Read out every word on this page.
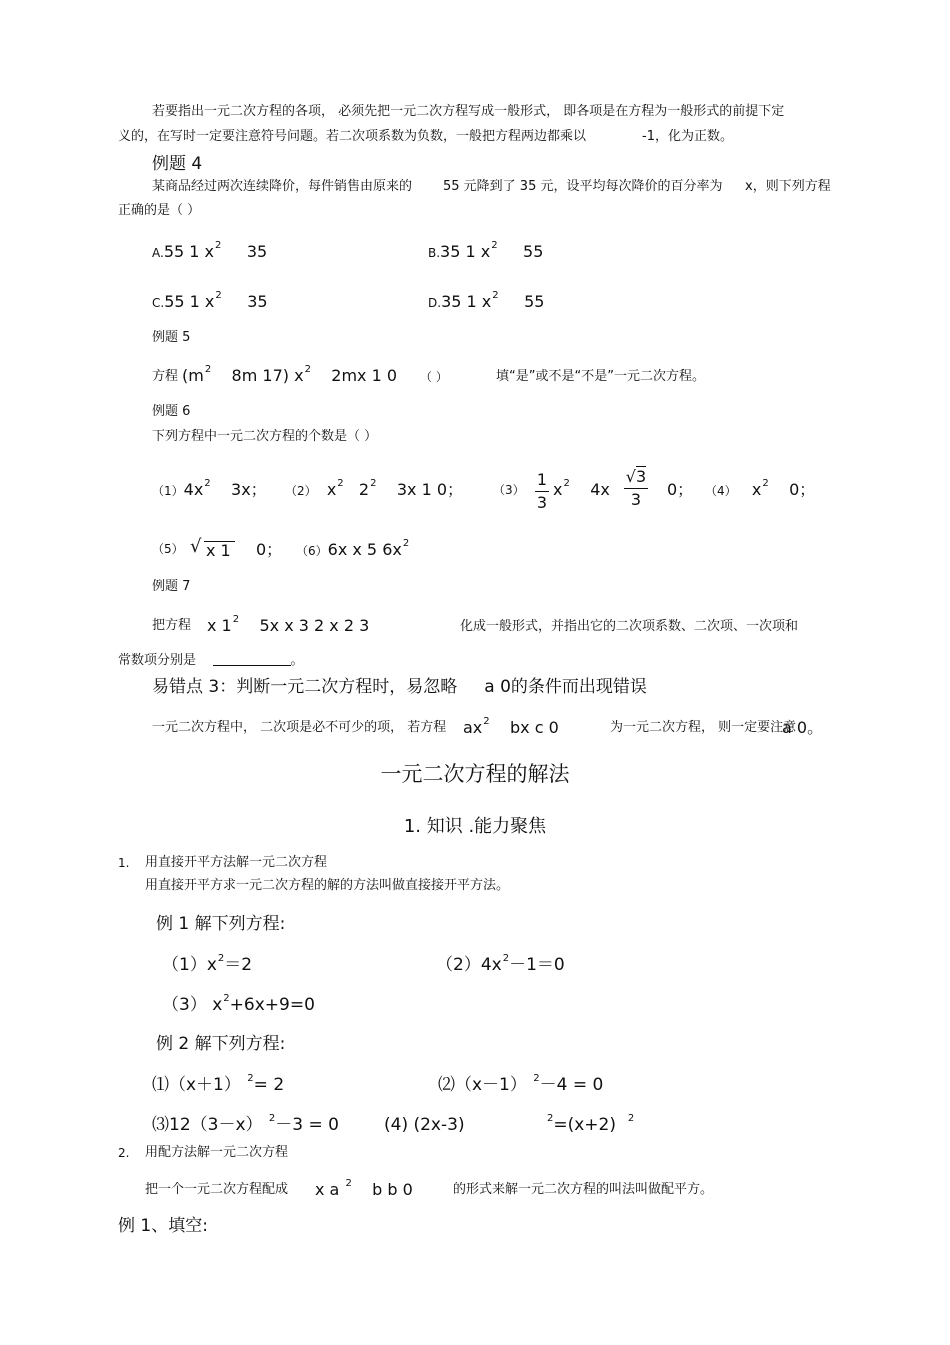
若要指出一元二次方程的各项， 必须先把一元二次方程写成一般形式， 即各项是在方程为一般形式的前提下定
义的，在写时一定要注意符号问题。若二次项系数为负数，一般把方程两边都乘以	-1，化为正数。
例题 4
某商品经过两次连续降价，每件销售由原来的 55 元降到了 35 元，设平均每次降价的百分率为 x，则下列方程
正确的是（ ）
A.55 1 $x^2$ 35	B.35 1 $x^2$ 55
C.55 1 $x^2$ 35	D.35 1 $x^2$ 55
例题 5
方程 ($m^2$ 8m 17) $x^2$ 2mx 1 0 （ ）	填“是”或不是“不是”一元二次方程。
例题 6
下列方程中一元二次方程的个数是（ ）
$(1)4x^2$ 3x； （2） $x^2$ $2^2$ 3x 1 0； （3）
1
3
$x^2$ 4x
√3
3
0； （4） $x^2$ 0；
（5） √ x 1 0； （6）6x x 5 $6x^2$
例题 7
把方程 x $1^2$ 5x x 3 2 x 2 3	化成一般形式，并指出它的二次项系数、二次项、一次项和
常数项分别是	。
易错点 3：判断一元二次方程时，易忽略 a 0的条件而出现错误
一元二次方程中， 二次项是必不可少的项， 若方程 $ax^2$ bx c 0	为一元二次方程， 则一定要注意
a 0。
一元二次方程的解法
1. 知识 .能力聚焦
1. 用直接开平方法解一元二次方程
用直接开平方求一元二次方程的解的方法叫做直接接开平方法。
例 1 解下列方程:
$(1)x^2=2$	$(2)4x^2-1=0$
（3） $x^2+6x+9=0$
例 2 解下列方程:
⑴（x＋1） $^2$= 2	⑵（x－1） $^2$－4 = 0
⑶12（3－x） $^2$－3 = 0	(4) (2x-3)	$^2$=(x+2) $^2$
2. 用配方法解一元二次方程
把一个一元二次方程配成 x a $^2$ b b 0	的形式来解一元二次方程的叫法叫做配平方。
例 1、填空:
